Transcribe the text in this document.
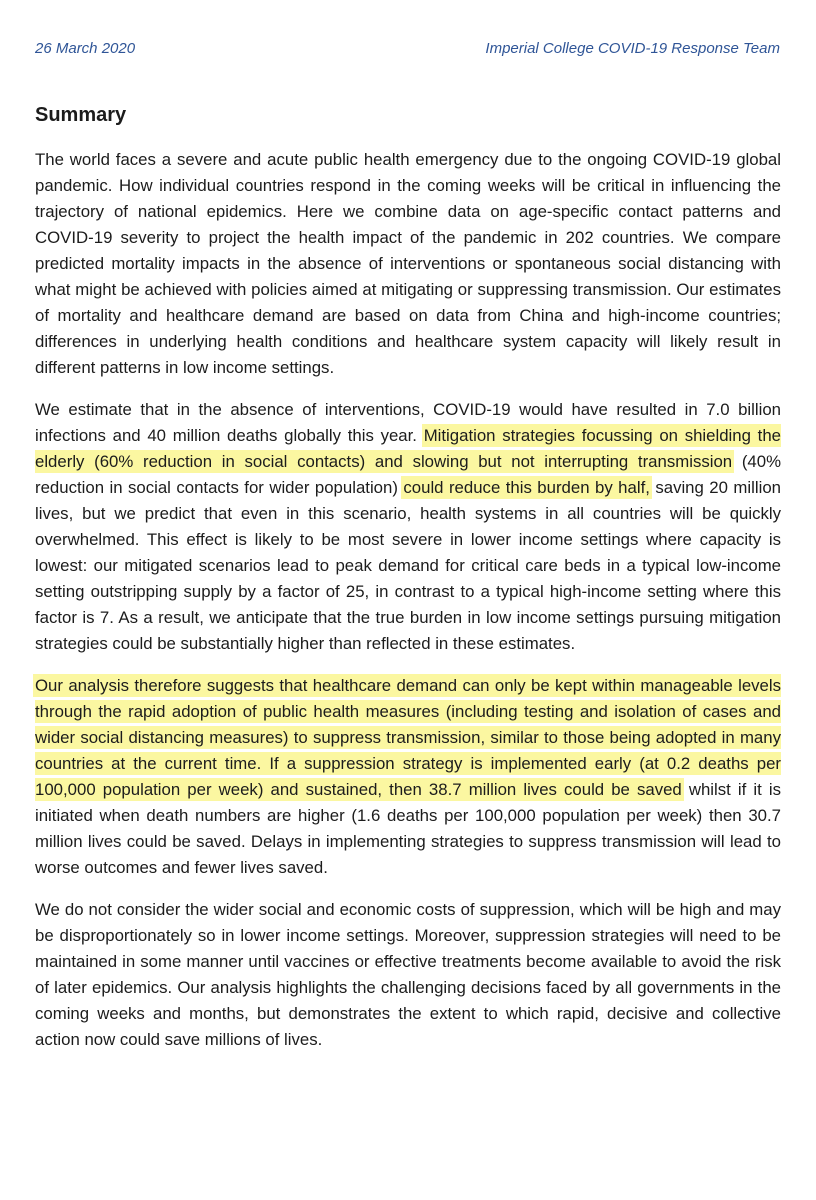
26 March 2020	Imperial College COVID-19 Response Team
Summary

The world faces a severe and acute public health emergency due to the ongoing COVID-19 global pandemic. How individual countries respond in the coming weeks will be critical in influencing the trajectory of national epidemics. Here we combine data on age-specific contact patterns and COVID-19 severity to project the health impact of the pandemic in 202 countries. We compare predicted mortality impacts in the absence of interventions or spontaneous social distancing with what might be achieved with policies aimed at mitigating or suppressing transmission. Our estimates of mortality and healthcare demand are based on data from China and high-income countries; differences in underlying health conditions and healthcare system capacity will likely result in different patterns in low income settings.

We estimate that in the absence of interventions, COVID-19 would have resulted in 7.0 billion infections and 40 million deaths globally this year. Mitigation strategies focussing on shielding the elderly (60% reduction in social contacts) and slowing but not interrupting transmission (40% reduction in social contacts for wider population) could reduce this burden by half, saving 20 million lives, but we predict that even in this scenario, health systems in all countries will be quickly overwhelmed. This effect is likely to be most severe in lower income settings where capacity is lowest: our mitigated scenarios lead to peak demand for critical care beds in a typical low-income setting outstripping supply by a factor of 25, in contrast to a typical high-income setting where this factor is 7. As a result, we anticipate that the true burden in low income settings pursuing mitigation strategies could be substantially higher than reflected in these estimates.

Our analysis therefore suggests that healthcare demand can only be kept within manageable levels through the rapid adoption of public health measures (including testing and isolation of cases and wider social distancing measures) to suppress transmission, similar to those being adopted in many countries at the current time. If a suppression strategy is implemented early (at 0.2 deaths per 100,000 population per week) and sustained, then 38.7 million lives could be saved whilst if it is initiated when death numbers are higher (1.6 deaths per 100,000 population per week) then 30.7 million lives could be saved. Delays in implementing strategies to suppress transmission will lead to worse outcomes and fewer lives saved.

We do not consider the wider social and economic costs of suppression, which will be high and may be disproportionately so in lower income settings. Moreover, suppression strategies will need to be maintained in some manner until vaccines or effective treatments become available to avoid the risk of later epidemics. Our analysis highlights the challenging decisions faced by all governments in the coming weeks and months, but demonstrates the extent to which rapid, decisive and collective action now could save millions of lives.
